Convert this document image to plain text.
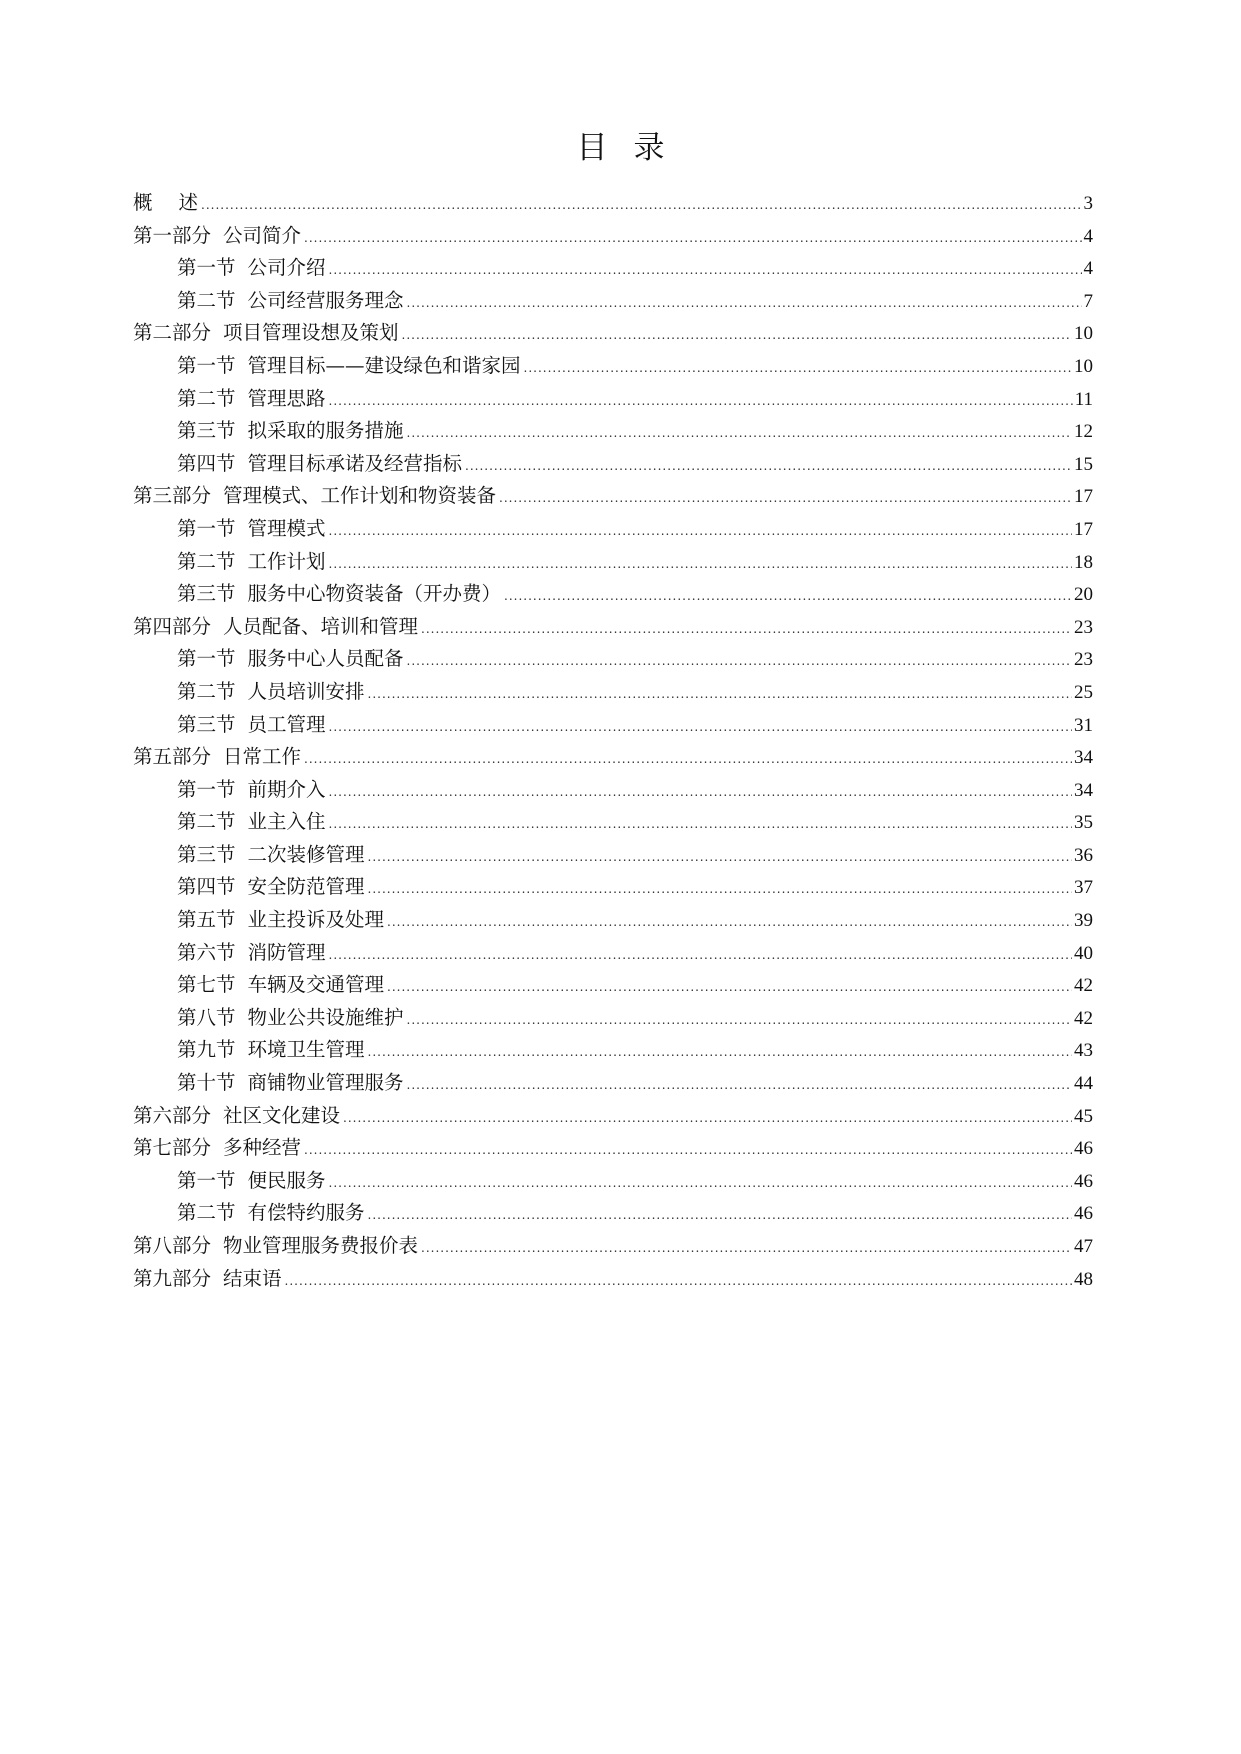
目录
概 述 .....	3
第一部分 公司简介 .....	4
第一节 公司介绍 .....	4
第二节 公司经营服务理念 .....	7
第二部分 项目管理设想及策划 .....	10
第一节 管理目标——建设绿色和谐家园 .....	10
第二节 管理思路 .....	11
第三节 拟采取的服务措施 .....	12
第四节 管理目标承诺及经营指标 .....	15
第三部分 管理模式、工作计划和物资装备 .....	17
第一节 管理模式 .....	17
第二节 工作计划 .....	18
第三节 服务中心物资装备（开办费） .....	20
第四部分 人员配备、培训和管理 .....	23
第一节 服务中心人员配备 .....	23
第二节 人员培训安排 .....	25
第三节 员工管理 .....	31
第五部分 日常工作 .....	34
第一节 前期介入 .....	34
第二节 业主入住 .....	35
第三节 二次装修管理 .....	36
第四节 安全防范管理 .....	37
第五节 业主投诉及处理 .....	39
第六节 消防管理 .....	40
第七节 车辆及交通管理 .....	42
第八节 物业公共设施维护 .....	42
第九节 环境卫生管理 .....	43
第十节 商铺物业管理服务 .....	44
第六部分 社区文化建设 .....	45
第七部分 多种经营 .....	46
第一节 便民服务 .....	46
第二节 有偿特约服务 .....	46
第八部分 物业管理服务费报价表 .....	47
第九部分 结束语 .....	48
